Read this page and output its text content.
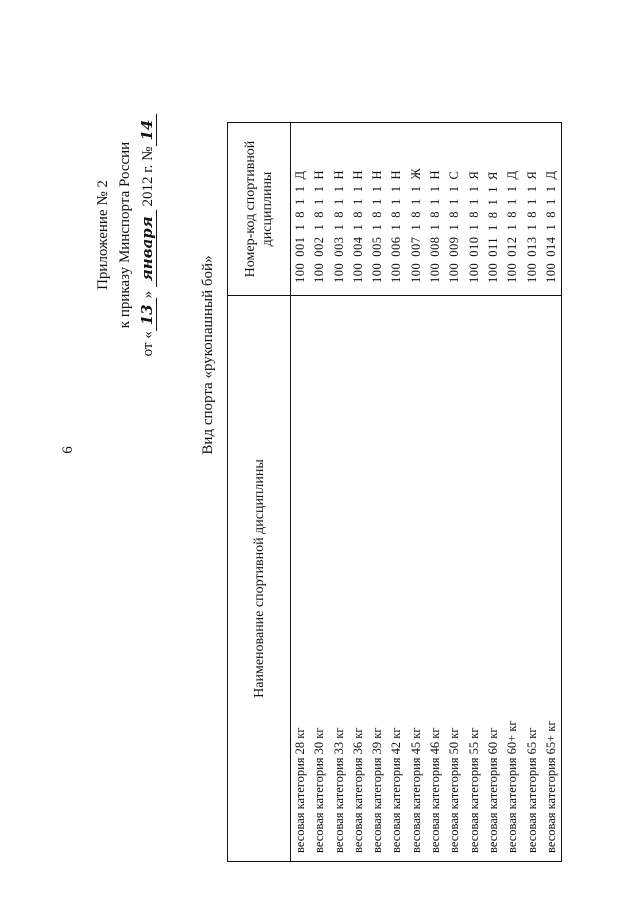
6
Приложение № 2 к приказу Минспорта России
от «13» января 2012 г. №14
Вид спорта «рукопашный бой»
Наименование спортивной дисциплины	Номер-код спортивной дисциплины
весовая категория 28 кг	1000011811Д
весовая категория 30 кг	1000021811Н
весовая категория 33 кг	1000031811Н
весовая категория 36 кг	1000041811Н
весовая категория 39 кг	1000051811Н
весовая категория 42 кг	1000061811Н
весовая категория 45 кг	1000071811Ж
весовая категория 46 кг	1000081811Н
весовая категория 50 кг	1000091811С
весовая категория 55 кг	1000101811Я
весовая категория 60 кг	1000111811Я
весовая категория 60+ кг	1000121811Д
весовая категория 65 кг	1000131811Я
весовая категория 65+ кг	1000141811Д
